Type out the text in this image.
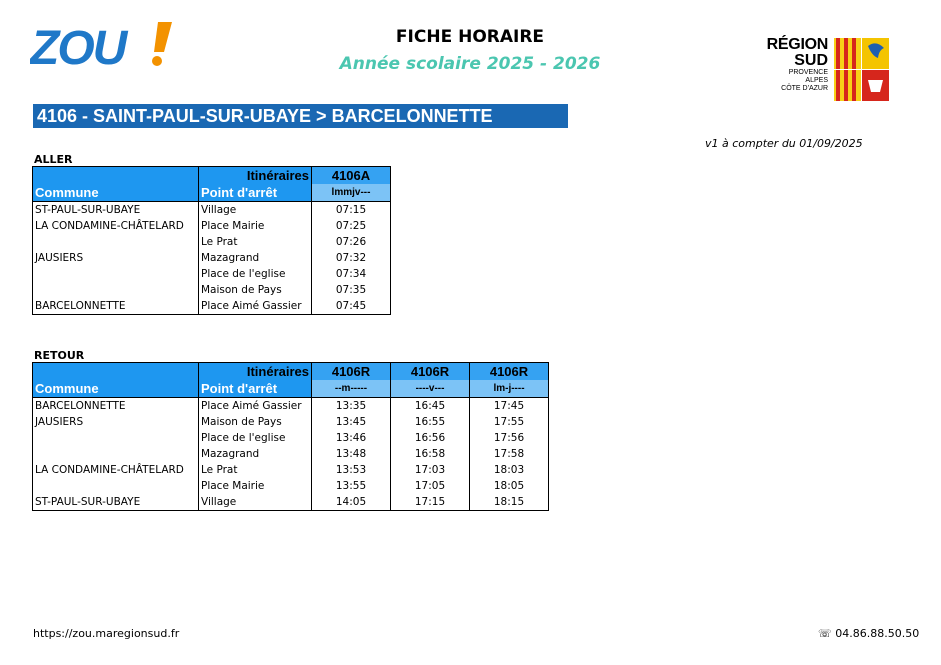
ZOU	FICHE HORAIRE
Année scolaire 2025 - 2026
RÉGION
SUD
PROVENCE
ALPES
CÔTE D'AZUR
4106 - SAINT-PAUL-SUR-UBAYE > BARCELONNETTE
v1 à compter du 01/09/2025
ALLER
	Itinéraires	4106A
Commune	Point d'arrêt	lmmjv---
ST-PAUL-SUR-UBAYE	Village	07:15
LA CONDAMINE-CHÂTELARD	Place Mairie	07:25
	Le Prat	07:26
JAUSIERS	Mazagrand	07:32
	Place de l'eglise	07:34
	Maison de Pays	07:35
BARCELONNETTE	Place Aimé Gassier	07:45
RETOUR
	Itinéraires	4106R	4106R	4106R
Commune	Point d'arrêt	--m-----	----v---	lm-j----
BARCELONNETTE	Place Aimé Gassier	13:35	16:45	17:45
JAUSIERS	Maison de Pays	13:45	16:55	17:55
	Place de l'eglise	13:46	16:56	17:56
	Mazagrand	13:48	16:58	17:58
LA CONDAMINE-CHÂTELARD	Le Prat	13:53	17:03	18:03
	Place Mairie	13:55	17:05	18:05
ST-PAUL-SUR-UBAYE	Village	14:05	17:15	18:15
https://zou.maregionsud.fr	☏ 04.86.88.50.50
